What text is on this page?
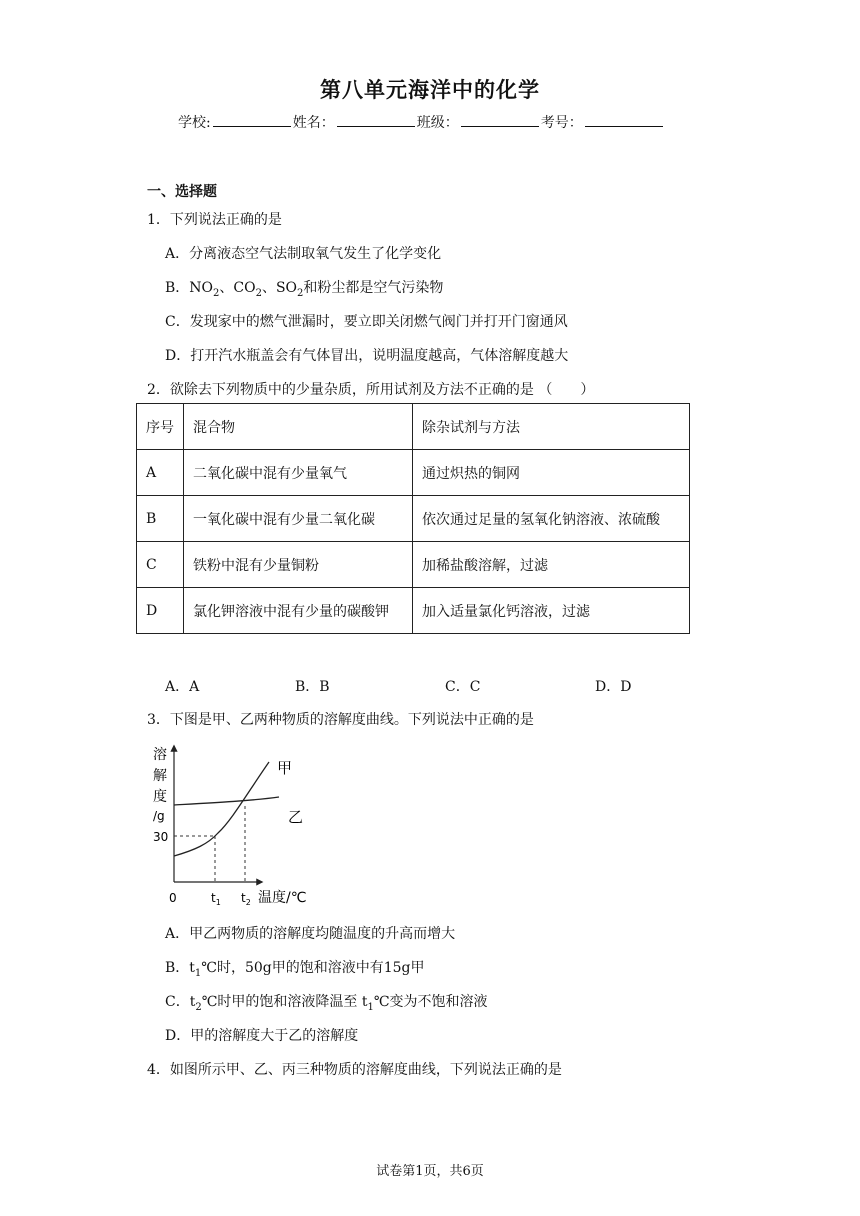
第八单元海洋中的化学
学校:	姓名：	班级：	考号：
一、选择题
1．下列说法正确的是
A．分离液态空气法制取氧气发生了化学变化
B．$NO_2$、$CO_2$、$SO_2$和粉尘都是空气污染物
C．发现家中的燃气泄漏时，要立即关闭燃气阀门并打开门窗通风
D．打开汽水瓶盖会有气体冒出，说明温度越高，气体溶解度越大
2．欲除去下列物质中的少量杂质，所用试剂及方法不正确的是 （　　）
序号	混合物	除杂试剂与方法
A	二氧化碳中混有少量氧气	通过炽热的铜网
B	一氧化碳中混有少量二氧化碳	依次通过足量的氢氧化钠溶液、浓硫酸
C	铁粉中混有少量铜粉	加稀盐酸溶解，过滤
D	氯化钾溶液中混有少量的碳酸钾	加入适量氯化钙溶液，过滤
A．A	B．B	C．C	D．D
3．下图是甲、乙两种物质的溶解度曲线。下列说法中正确的是
溶
解
度
/g
30
0	$t_1$ $t_2$ 温度/℃
甲
乙
A．甲乙两物质的溶解度均随温度的升高而增大
B．$t_1℃$时，50g甲的饱和溶液中有15g甲
C．$t_2℃$时甲的饱和溶液降温至 $t_1℃$变为不饱和溶液
D．甲的溶解度大于乙的溶解度
4．如图所示甲、乙、丙三种物质的溶解度曲线，下列说法正确的是
试卷第1页，共6页
